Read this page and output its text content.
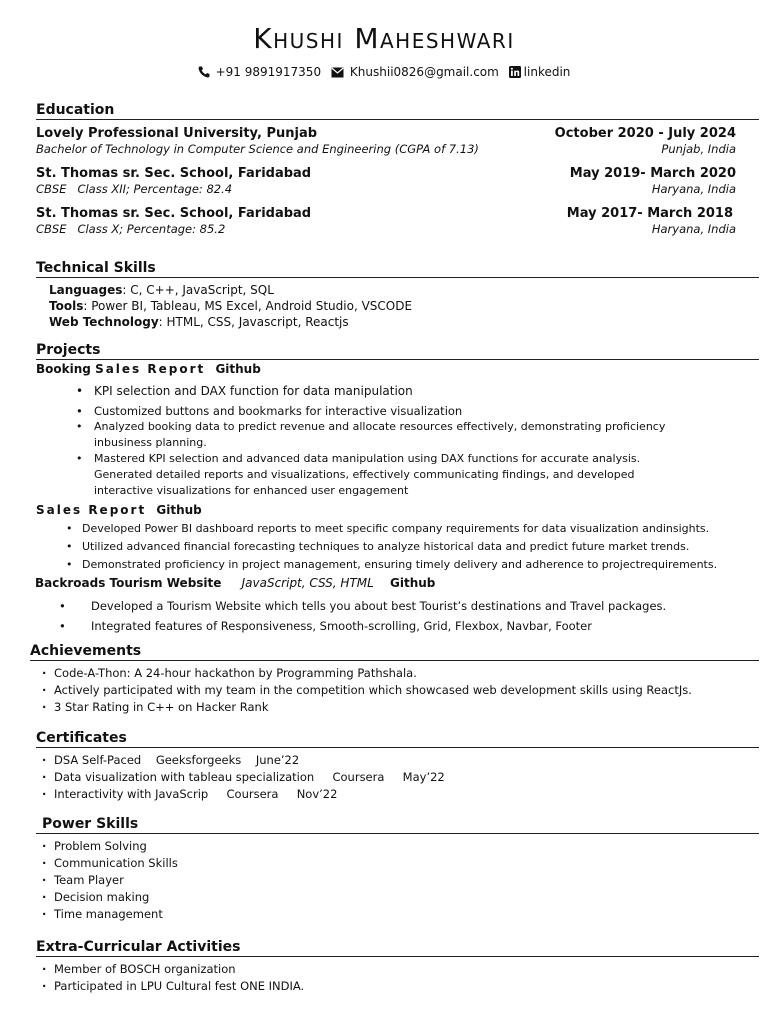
Khushi Maheshwari
+91 9891917350 Khushii0826@gmail.com linkedin
Education
Lovely Professional University, Punjab	October 2020 - July 2024
Bachelor of Technology in Computer Science and Engineering (CGPA of 7.13)	Punjab, India
St. Thomas sr. Sec. School, Faridabad	May 2019- March 2020
CBSE   Class XII; Percentage: 82.4	Haryana, India
St. Thomas sr. Sec. School, Faridabad	May 2017- March 2018
CBSE   Class X; Percentage: 85.2	Haryana, India
Technical Skills
Languages: C, C++, JavaScript, SQL
Tools: Power BI, Tableau, MS Excel, Android Studio, VSCODE
Web Technology: HTML, CSS, Javascript, Reactjs
Projects
Booking Sales Report Github
• KPI selection and DAX function for data manipulation
• Customized buttons and bookmarks for interactive visualization
• Analyzed booking data to predict revenue and allocate resources effectively, demonstrating proficiency inbusiness planning.
• Mastered KPI selection and advanced data manipulation using DAX functions for accurate analysis.
Generated detailed reports and visualizations, effectively communicating findings, and developed interactive visualizations for enhanced user engagement
Sales Report Github
• Developed Power BI dashboard reports to meet specific company requirements for data visualization andinsights.
• Utilized advanced financial forecasting techniques to analyze historical data and predict future market trends.
• Demonstrated proficiency in project management, ensuring timely delivery and adherence to projectrequirements.
Backroads Tourism Website JavaScript, CSS, HTML Github
• Developed a Tourism Website which tells you about best Tourist’s destinations and Travel packages.
• Integrated features of Responsiveness, Smooth-scrolling, Grid, Flexbox, Navbar, Footer
Achievements
· Code-A-Thon: A 24-hour hackathon by Programming Pathshala.
· Actively participated with my team in the competition which showcased web development skills using ReactJs.
· 3 Star Rating in C++ on Hacker Rank
Certificates
· DSA Self-Paced    Geeksforgeeks    June’22
· Data visualization with tableau specialization     Coursera     May’22
· Interactivity with JavaScrip     Coursera     Nov’22
Power Skills
· Problem Solving
· Communication Skills
· Team Player
· Decision making
· Time management
Extra-Curricular Activities
· Member of BOSCH organization
· Participated in LPU Cultural fest ONE INDIA.
